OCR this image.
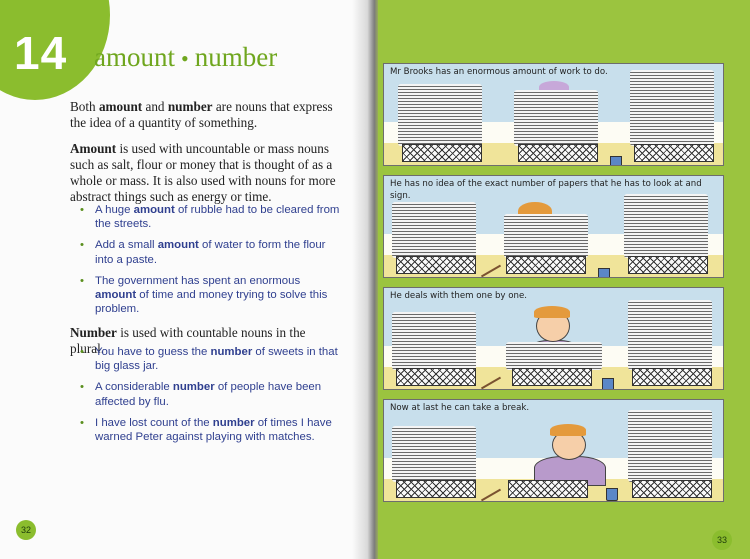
14 amount • number

Both amount and number are nouns that express the idea of a quantity of something.

Amount is used with uncountable or mass nouns such as salt, flour or money that is thought of as a whole or mass. It is also used with nouns for more abstract things such as energy or time.

• A huge amount of rubble had to be cleared from the streets.
• Add a small amount of water to form the flour into a paste.
• The government has spent an enormous amount of time and money trying to solve this problem.

Number is used with countable nouns in the plural.

• You have to guess the number of sweets in that big glass jar.
• A considerable number of people have been affected by flu.
• I have lost count of the number of times I have warned Peter against playing with matches.
32
33
Mr Brooks has an enormous amount of work to do.
He has no idea of the exact number of papers that he has to look at and sign.
He deals with them one by one.
Now at last he can take a break.
